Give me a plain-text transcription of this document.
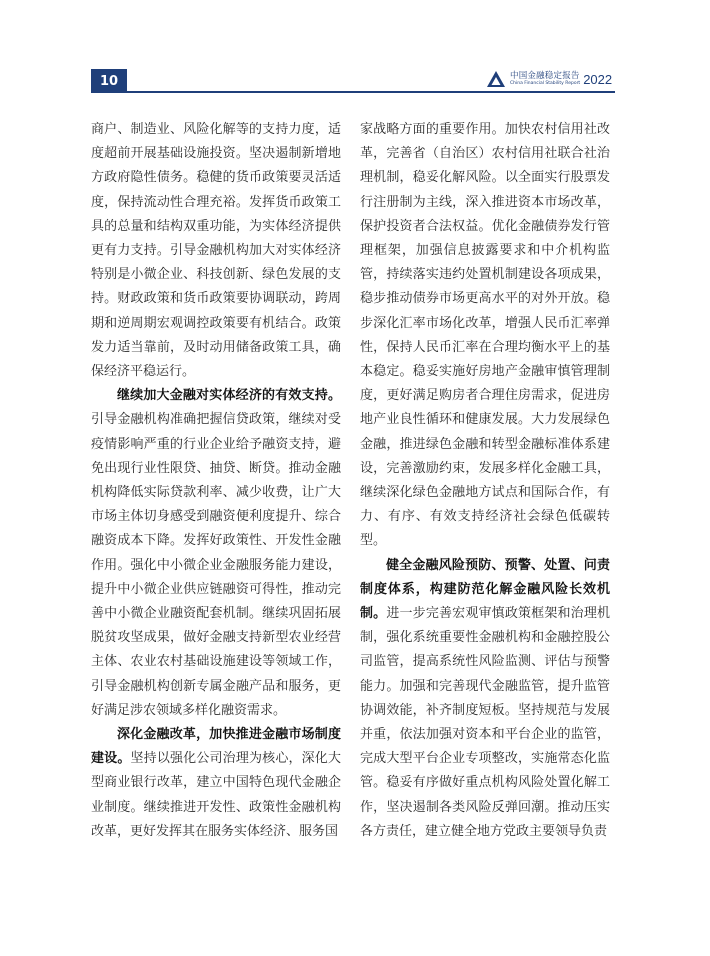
10	中国金融稳定报告
China Financial Stability Report 2022

商户、制造业、风险化解等的支持力度，适度超前开展基础设施投资。坚决遏制新增地方政府隐性债务。稳健的货币政策要灵活适度，保持流动性合理充裕。发挥货币政策工具的总量和结构双重功能，为实体经济提供更有力支持。引导金融机构加大对实体经济特别是小微企业、科技创新、绿色发展的支持。财政政策和货币政策要协调联动，跨周期和逆周期宏观调控政策要有机结合。政策发力适当靠前，及时动用储备政策工具，确保经济平稳运行。

继续加大金融对实体经济的有效支持。引导金融机构准确把握信贷政策，继续对受疫情影响严重的行业企业给予融资支持，避免出现行业性限贷、抽贷、断贷。推动金融机构降低实际贷款利率、减少收费，让广大市场主体切身感受到融资便利度提升、综合融资成本下降。发挥好政策性、开发性金融作用。强化中小微企业金融服务能力建设，提升中小微企业供应链融资可得性，推动完善中小微企业融资配套机制。继续巩固拓展脱贫攻坚成果，做好金融支持新型农业经营主体、农业农村基础设施建设等领域工作，引导金融机构创新专属金融产品和服务，更好满足涉农领域多样化融资需求。

深化金融改革，加快推进金融市场制度建设。坚持以强化公司治理为核心，深化大型商业银行改革，建立中国特色现代金融企业制度。继续推进开发性、政策性金融机构改革，更好发挥其在服务实体经济、服务国

家战略方面的重要作用。加快农村信用社改革，完善省（自治区）农村信用社联合社治理机制，稳妥化解风险。以全面实行股票发行注册制为主线，深入推进资本市场改革，保护投资者合法权益。优化金融债券发行管理框架，加强信息披露要求和中介机构监管，持续落实违约处置机制建设各项成果，稳步推动债券市场更高水平的对外开放。稳步深化汇率市场化改革，增强人民币汇率弹性，保持人民币汇率在合理均衡水平上的基本稳定。稳妥实施好房地产金融审慎管理制度，更好满足购房者合理住房需求，促进房地产业良性循环和健康发展。大力发展绿色金融，推进绿色金融和转型金融标准体系建设，完善激励约束，发展多样化金融工具，继续深化绿色金融地方试点和国际合作，有力、有序、有效支持经济社会绿色低碳转型。

健全金融风险预防、预警、处置、问责制度体系，构建防范化解金融风险长效机制。进一步完善宏观审慎政策框架和治理机制，强化系统重要性金融机构和金融控股公司监管，提高系统性风险监测、评估与预警能力。加强和完善现代金融监管，提升监管协调效能，补齐制度短板。坚持规范与发展并重，依法加强对资本和平台企业的监管，完成大型平台企业专项整改，实施常态化监管。稳妥有序做好重点机构风险处置化解工作，坚决遏制各类风险反弹回潮。推动压实各方责任，建立健全地方党政主要领导负责
